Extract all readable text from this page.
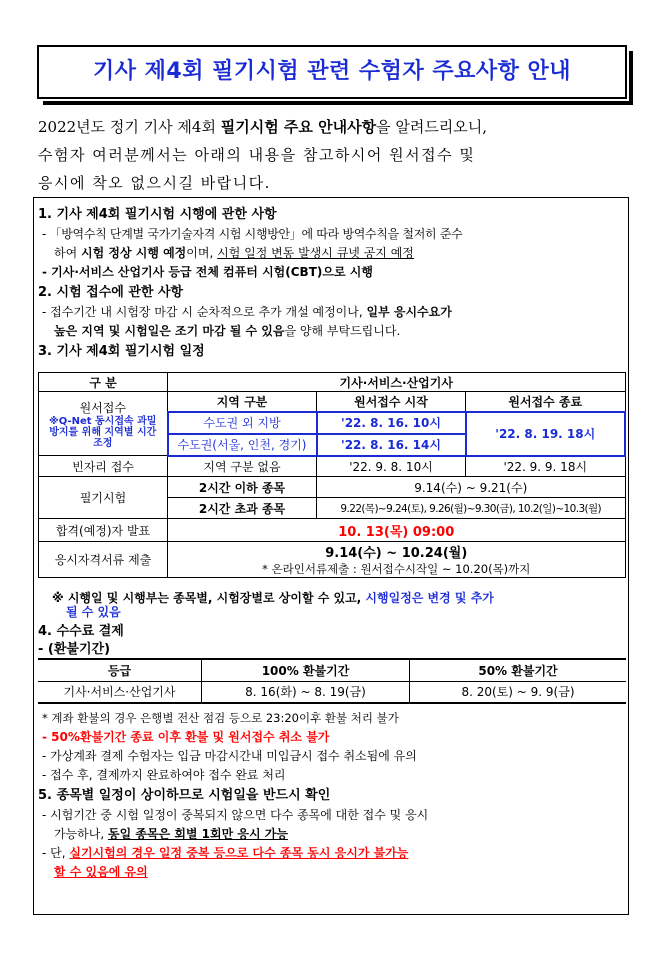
기사 제4회 필기시험 관련 수험자 주요사항 안내
2022년도 정기 기사 제4회 필기시험 주요 안내사항을 알려드리오니,
수험자 여러분께서는 아래의 내용을 참고하시어 원서접수 및
응시에 착오 없으시길 바랍니다.
1. 기사 제4회 필기시험 시행에 관한 사항
- 「방역수칙 단계별 국가기술자격 시험 시행방안」에 따라 방역수칙을 철저히 준수
하여 시험 정상 시행 예정이며, 시험 일정 변동 발생시 큐넷 공지 예정
- 기사·서비스 산업기사 등급 전체 컴퓨터 시험(CBT)으로 시행
2. 시험 접수에 관한 사항
- 접수기간 내 시험장 마감 시 순차적으로 추가 개설 예정이나, 일부 응시수요가
높은 지역 및 시험일은 조기 마감 될 수 있음을 양해 부탁드립니다.
3. 기사 제4회 필기시험 일정
구 분	기사·서비스·산업기사		

원서접수
※Q-Net 동시접속 과밀 방지를 위해 지역별 시간 조정	지역 구분	원서접수 시작	원서접수 종료
	수도권 외 지방	'22. 8. 16. 10시	'22. 8. 19. 18시
	수도권(서울, 인천, 경기)	'22. 8. 16. 14시	
빈자리 접수	지역 구분 없음	'22. 9. 8. 10시	'22. 9. 9. 18시
필기시험	2시간 이하 종목	9.14(수) ~ 9.21(수)	
	2시간 초과 종목	9.22(목)~9.24(토), 9.26(월)~9.30(금), 10.2(일)~10.3(월)	
합격(예정)자 발표	10. 13(목) 09:00		
응시자격서류 제출	9.14(수) ~ 10.24(월)
* 온라인서류제출 : 원서접수시작일 ~ 10.20(목)까지		
※ 시행일 및 시행부는 종목별, 시험장별로 상이할 수 있고, 시행일정은 변경 및 추가
될 수 있음
4. 수수료 결제
- (환불기간)
등급	100% 환불기간	50% 환불기간
기사·서비스·산업기사	8. 16(화) ~ 8. 19(금)	8. 20(토) ~ 9. 9(금)
* 계좌 환불의 경우 은행별 전산 점검 등으로 23:20이후 환불 처리 불가
- 50%환불기간 종료 이후 환불 및 원서접수 취소 불가
- 가상계좌 결제 수험자는 입금 마감시간내 미입금시 접수 취소됨에 유의
- 접수 후, 결제까지 완료하여야 접수 완료 처리
5. 종목별 일정이 상이하므로 시험일을 반드시 확인
- 시험기간 중 시험 일정이 중복되지 않으면 다수 종목에 대한 접수 및 응시
가능하나, 동일 종목은 회별 1회만 응시 가능
- 단, 실기시험의 경우 일정 중복 등으로 다수 종목 동시 응시가 불가능
할 수 있음에 유의
